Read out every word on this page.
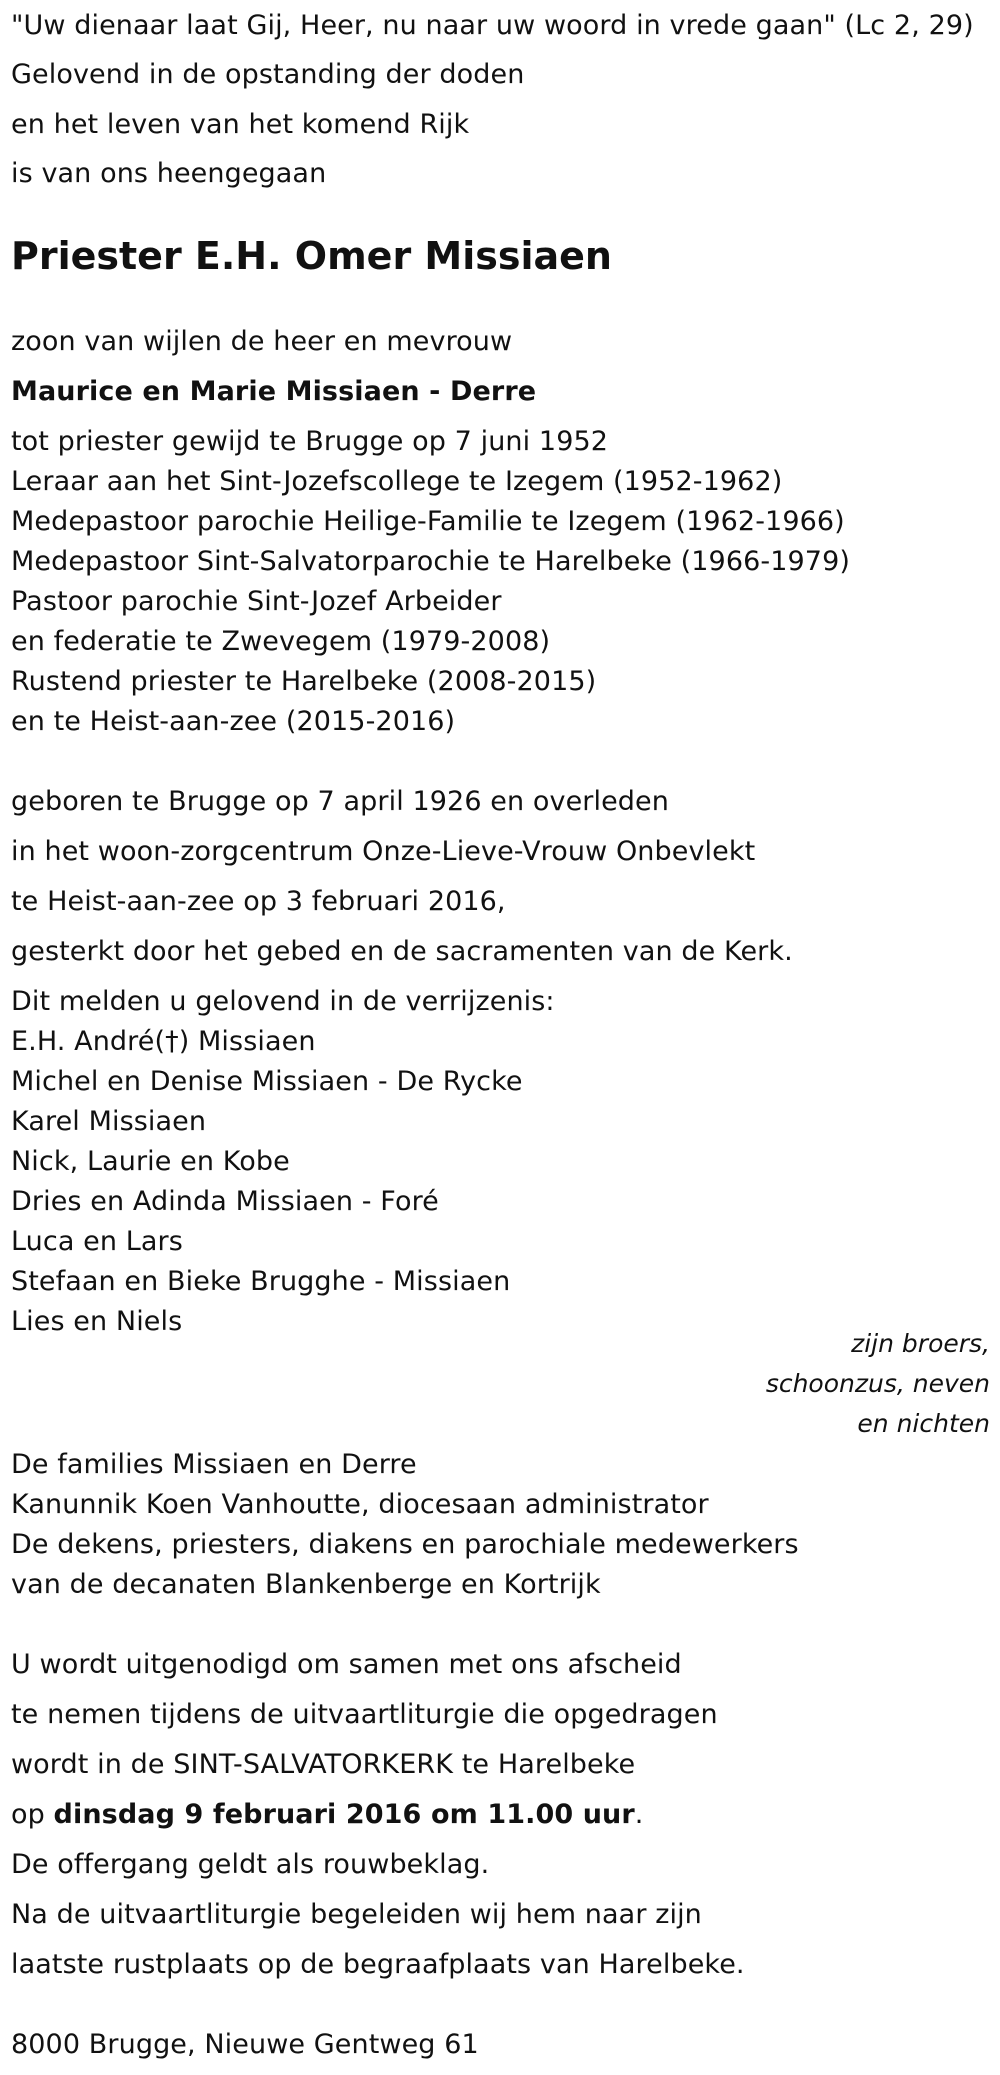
"Uw dienaar laat Gij, Heer, nu naar uw woord in vrede gaan" (Lc 2, 29)

Gelovend in de opstanding der doden

en het leven van het komend Rijk

is van ons heengegaan

Priester E.H. Omer Missiaen

zoon van wijlen de heer en mevrouw

Maurice en Marie Missiaen - Derre

tot priester gewijd te Brugge op 7 juni 1952

Leraar aan het Sint-Jozefscollege te Izegem (1952-1962)

Medepastoor parochie Heilige-Familie te Izegem (1962-1966)

Medepastoor Sint-Salvatorparochie te Harelbeke (1966-1979)

Pastoor parochie Sint-Jozef Arbeider

en federatie te Zwevegem (1979-2008)

Rustend priester te Harelbeke (2008-2015)

en te Heist-aan-zee (2015-2016)

geboren te Brugge op 7 april 1926 en overleden

in het woon-zorgcentrum Onze-Lieve-Vrouw Onbevlekt

te Heist-aan-zee op 3 februari 2016,

gesterkt door het gebed en de sacramenten van de Kerk.

Dit melden u gelovend in de verrijzenis:

E.H. André(†) Missiaen

Michel en Denise Missiaen - De Rycke

Karel Missiaen

Nick, Laurie en Kobe

Dries en Adinda Missiaen - Foré

Luca en Lars

Stefaan en Bieke Brugghe - Missiaen

Lies en Niels

zijn broers,

schoonzus, neven

en nichten

De families Missiaen en Derre

Kanunnik Koen Vanhoutte, diocesaan administrator

De dekens, priesters, diakens en parochiale medewerkers

van de decanaten Blankenberge en Kortrijk

U wordt uitgenodigd om samen met ons afscheid

te nemen tijdens de uitvaartliturgie die opgedragen

wordt in de SINT-SALVATORKERK te Harelbeke

op dinsdag 9 februari 2016 om 11.00 uur.

De offergang geldt als rouwbeklag.

Na de uitvaartliturgie begeleiden wij hem naar zijn

laatste rustplaats op de begraafplaats van Harelbeke.

8000 Brugge, Nieuwe Gentweg 61
